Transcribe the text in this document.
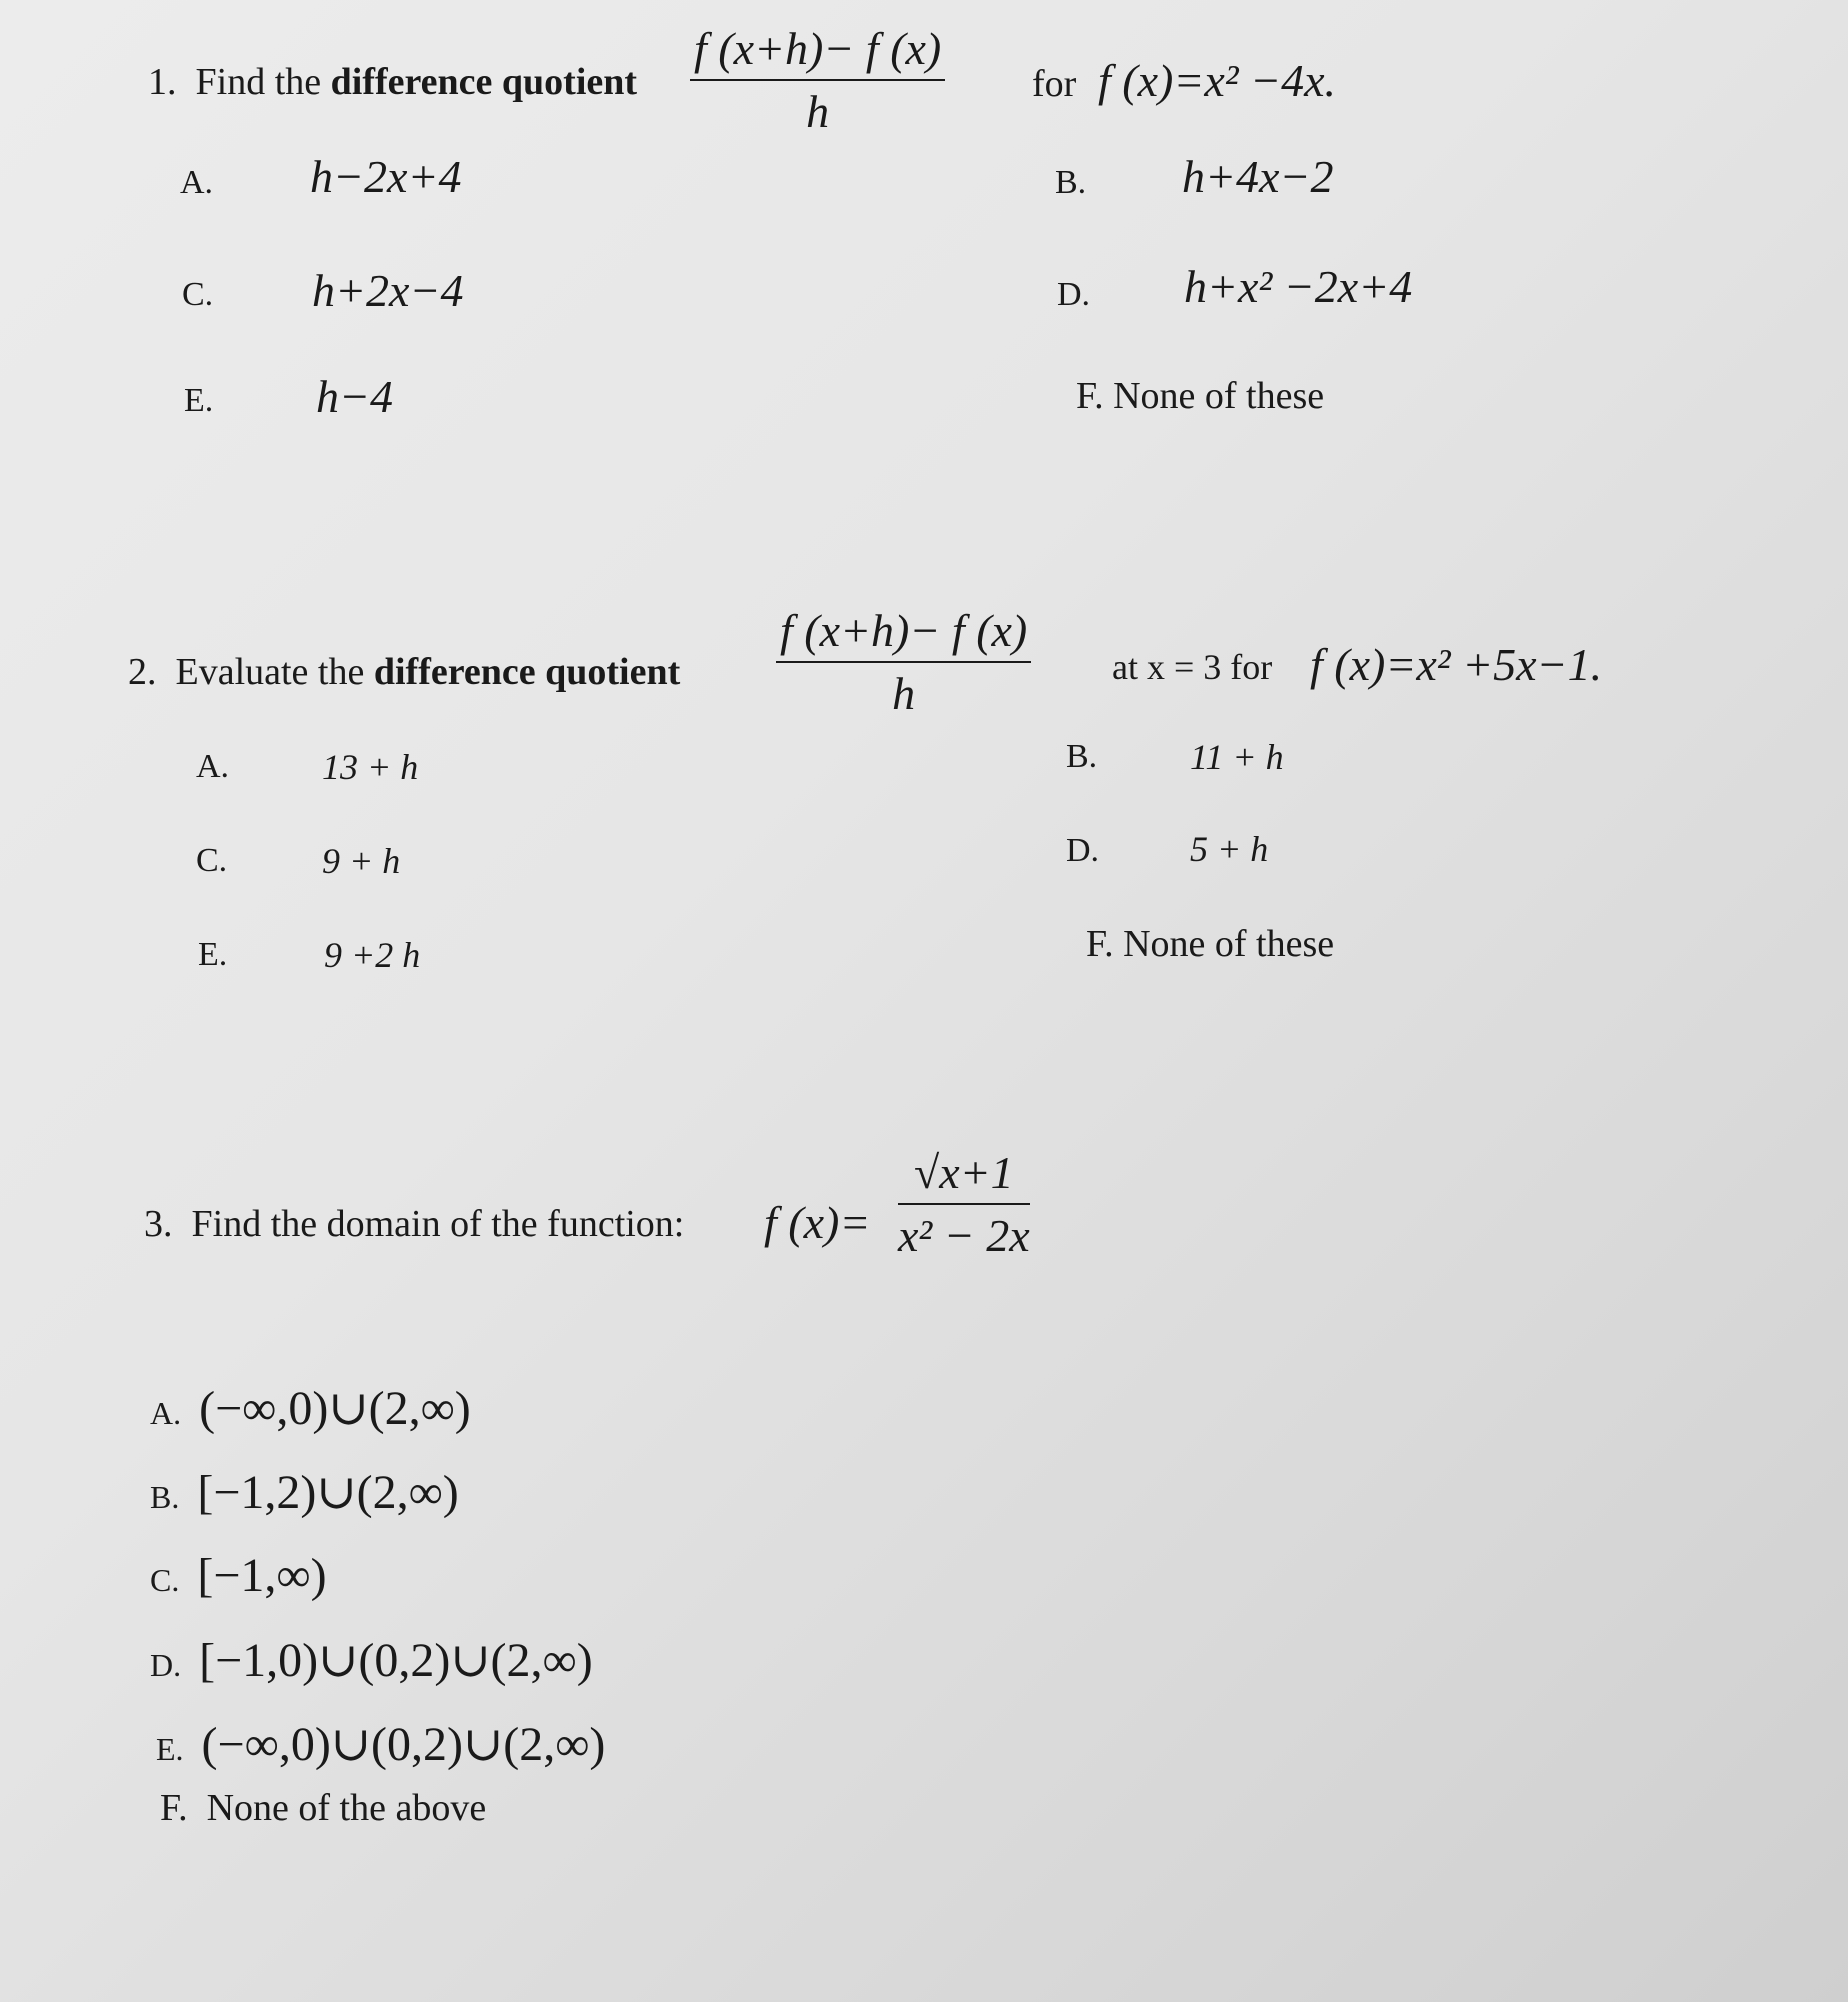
1. Find the difference quotient
f (x+h)− f (x)
h
for f (x)=x² −4x.
A. h−2x+4	B. h+4x−2
C. h+2x−4	D. h+x² −2x+4
E. h−4	F. None of these
2. Evaluate the difference quotient
f (x+h)− f (x)
h
at x = 3 for f (x)=x² +5x−1.
A.	13 + h	B.	11 + h
C.	9 + h	D.	5 + h
E.	9 +2 h	F. None of these
3. Find the domain of the function: f (x)=
√x+1
x² − 2x
A. (−∞,0)∪(2,∞)
B. [−1,2)∪(2,∞)
C. [−1,∞)
D. [−1,0)∪(0,2)∪(2,∞)
E. (−∞,0)∪(0,2)∪(2,∞)
F. None of the above
